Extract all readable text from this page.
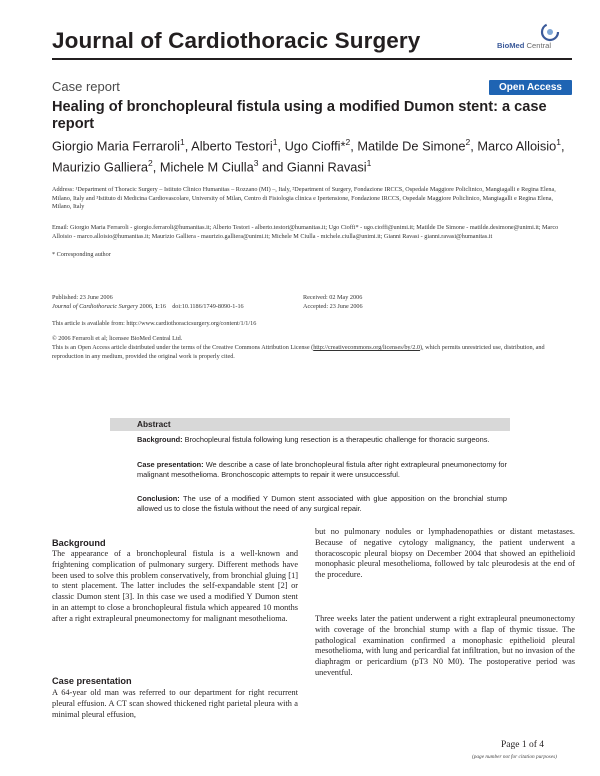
Journal of Cardiothoracic Surgery	BioMed Central
Case report	Open Access
Healing of bronchopleural fistula using a modified Dumon stent: a case report
Giorgio Maria Ferraroli$^1$, Alberto Testori$^1$, Ugo Cioffi*$^2$, Matilde De Simone$^2$, Marco Alloisio$^1$, Maurizio Galliera$^2$, Michele M Ciulla$^3$ and Gianni Ravasi$^1$
Address: ¹Department of Thoracic Surgery – Istituto Clinico Humanitas – Rozzano (MI) –, Italy, ²Department of Surgery, Fondazione IRCCS, Ospedale Maggiore Policlinico, Mangiagalli e Regina Elena, Milano, Italy and ³Istituto di Medicina Cardiovascolare, University of Milan, Centro di Fisiologia clinica e Ipertensione, Fondazione IRCCS, Ospedale Maggiore Policlinico, Mangiagalli e Regina Elena, Milano, Italy
Email: Giorgio Maria Ferraroli - giorgio.ferraroli@humanitas.it; Alberto Testori - alberto.testori@humanitas.it; Ugo Cioffi* - ugo.cioffi@unimi.it; Matilde De Simone - matilde.desimone@unimi.it; Marco Alloisio - marco.alloisio@humanitas.it; Maurizio Galliera - maurizio.galliera@unimi.it; Michele M Ciulla - michele.ciulla@unimi.it; Gianni Ravasi - gianni.ravasi@humanitas.it
* Corresponding author
Published: 23 June 2006
Journal of Cardiothoracic Surgery 2006, 1:16    doi:10.1186/1749-8090-1-16
Received: 02 May 2006
Accepted: 23 June 2006
This article is available from: http://www.cardiothoracicsurgery.org/content/1/1/16
© 2006 Ferraroli et al; licensee BioMed Central Ltd.
This is an Open Access article distributed under the terms of the Creative Commons Attribution License (http://creativecommons.org/licenses/by/2.0), which permits unrestricted use, distribution, and reproduction in any medium, provided the original work is properly cited.
Abstract
Background: Brochopleural fistula following lung resection is a therapeutic challenge for thoracic surgeons.
Case presentation: We describe a case of late bronchopleural fistula after right extrapleural pneumonectomy for malignant mesothelioma. Bronchoscopic attempts to repair it were unsuccessful.
Conclusion: The use of a modified Y Dumon stent associated with glue apposition on the bronchial stump allowed us to close the fistula without the need of any surgical repair.
Background
The appearance of a bronchopleural fistula is a well-known and frightening complication of pulmonary surgery. Different methods have been used to solve this problem conservatively, from bronchial gluing [1] to stent placement. The latter includes the self-expandable stent [2] or classic Dumon stent [3]. In this case we used a modified Y Dumon stent in an attempt to close a bronchopleural fistula which appeared 10 months after a right extrapleural pneumonectomy for malignant mesothelioma.
Case presentation
A 64-year old man was referred to our department for right recurrent pleural effusion. A CT scan showed thickened right parietal pleura with a minimal pleural effusion,
but no pulmonary nodules or lymphadenopathies or distant metastases. Because of negative cytology malignancy, the patient underwent a thoracoscopic pleural biopsy on December 2004 that showed an epithelioid monophasic pleural mesothelioma, followed by talc pleurodesis at the end of the procedure.
Three weeks later the patient underwent a right extrapleural pneumonectomy with coverage of the bronchial stump with a flap of thymic tissue. The pathological examination confirmed a monophasic epithelioid pleural mesothelioma, with lung and pericardial fat infiltration, but no invasion of the diaphragm or pericardium (pT3 N0 M0). The postoperative period was uneventful.
Page 1 of 4
(page number not for citation purposes)
